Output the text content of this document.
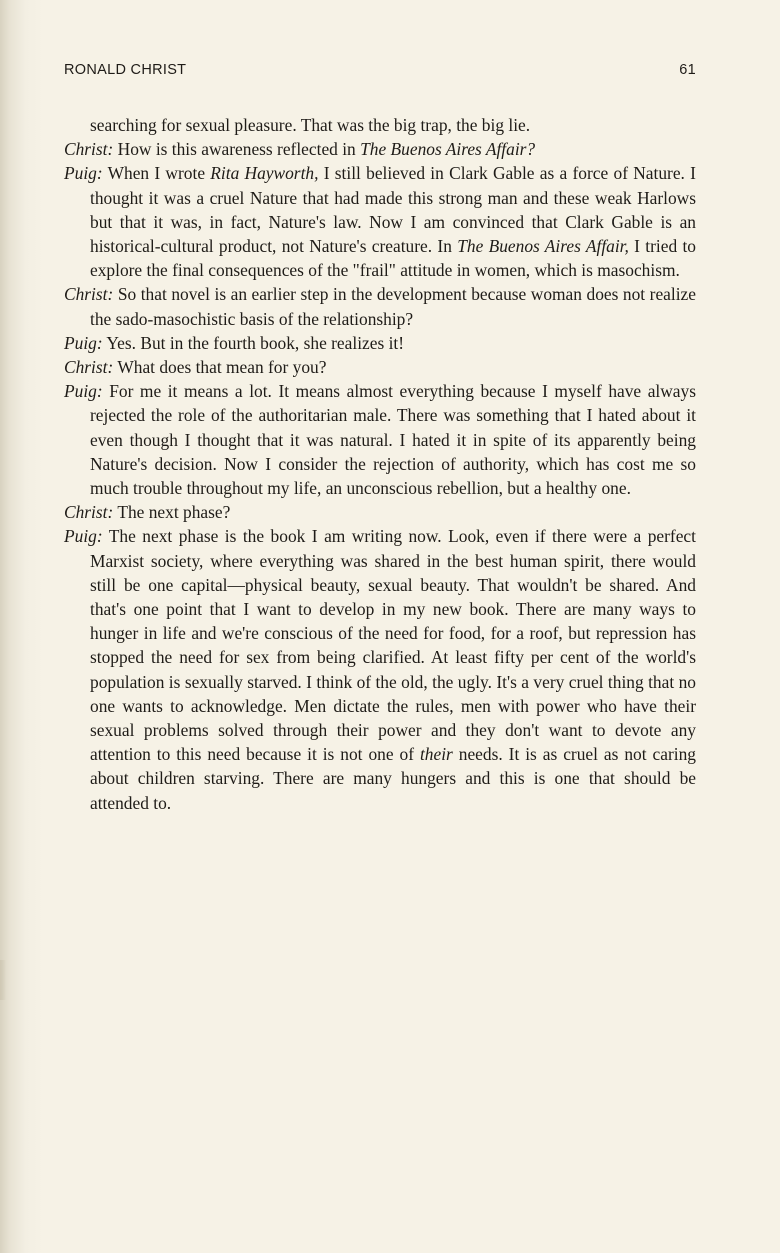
RONALD CHRIST	61

searching for sexual pleasure. That was the big trap, the big lie.

Christ: How is this awareness reflected in The Buenos Aires Affair?

Puig: When I wrote Rita Hayworth, I still believed in Clark Gable as a force of Nature. I thought it was a cruel Nature that had made this strong man and these weak Harlows but that it was, in fact, Nature's law. Now I am convinced that Clark Gable is an historical-cultural product, not Nature's creature. In The Buenos Aires Affair, I tried to explore the final consequences of the "frail" attitude in women, which is masochism.

Christ: So that novel is an earlier step in the development because woman does not realize the sado-masochistic basis of the relationship?

Puig: Yes. But in the fourth book, she realizes it!

Christ: What does that mean for you?

Puig: For me it means a lot. It means almost everything because I myself have always rejected the role of the authoritarian male. There was something that I hated about it even though I thought that it was natural. I hated it in spite of its apparently being Nature's decision. Now I consider the rejection of authority, which has cost me so much trouble throughout my life, an unconscious rebellion, but a healthy one.

Christ: The next phase?

Puig: The next phase is the book I am writing now. Look, even if there were a perfect Marxist society, where everything was shared in the best human spirit, there would still be one capital—physical beauty, sexual beauty. That wouldn't be shared. And that's one point that I want to develop in my new book. There are many ways to hunger in life and we're conscious of the need for food, for a roof, but repression has stopped the need for sex from being clarified. At least fifty per cent of the world's population is sexually starved. I think of the old, the ugly. It's a very cruel thing that no one wants to acknowledge. Men dictate the rules, men with power who have their sexual problems solved through their power and they don't want to devote any attention to this need because it is not one of their needs. It is as cruel as not caring about children starving. There are many hungers and this is one that should be attended to.
